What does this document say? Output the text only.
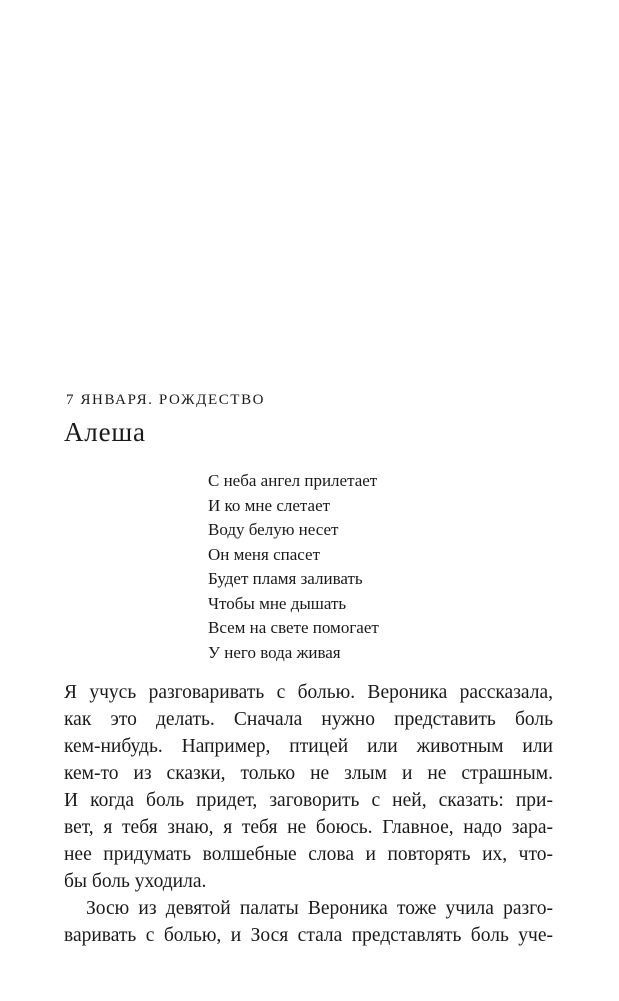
7 ЯНВАРЯ. РОЖДЕСТВО
Алеша
С неба ангел прилетает
И ко мне слетает
Воду белую несет
Он меня спасет
Будет пламя заливать
Чтобы мне дышать
Всем на свете помогает
У него вода живая
Я учусь разговаривать с болью. Вероника рассказала,
как это делать. Сначала нужно представить боль
кем-нибудь. Например, птицей или животным или
кем-то из сказки, только не злым и не страшным.
И когда боль придет, заговорить с ней, сказать: при-
вет, я тебя знаю, я тебя не боюсь. Главное, надо зара-
нее придумать волшебные слова и повторять их, что-
бы боль уходила.
Зосю из девятой палаты Вероника тоже учила разго-
варивать с болью, и Зося стала представлять боль уче-
